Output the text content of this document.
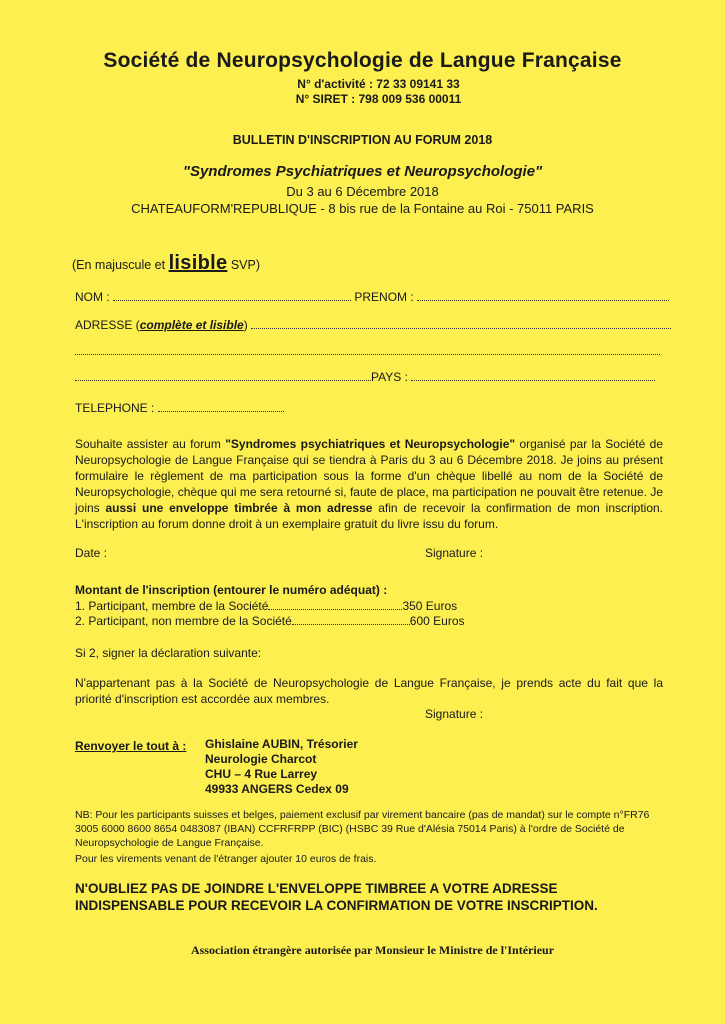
Société de Neuropsychologie de Langue Française
N° d'activité : 72 33 09141 33
N° SIRET : 798 009 536 00011
BULLETIN D'INSCRIPTION AU FORUM 2018
"Syndromes Psychiatriques et Neuropsychologie"
Du 3 au 6 Décembre 2018
CHATEAUFORM'REPUBLIQUE - 8 bis rue de la Fontaine au Roi - 75011 PARIS
(En majuscule et lisible SVP)
NOM :	PRENOM :
ADRESSE (complète et lisible)
PAYS :
TELEPHONE :
Souhaite assister au forum "Syndromes psychiatriques et Neuropsychologie" organisé par la Société de Neuropsychologie de Langue Française qui se tiendra à Paris du 3 au 6 Décembre 2018. Je joins au présent formulaire le règlement de ma participation sous la forme d'un chèque libellé au nom de la Société de Neuropsychologie, chèque qui me sera retourné si, faute de place, ma participation ne pouvait être retenue. Je joins aussi une enveloppe timbrée à mon adresse afin de recevoir la confirmation de mon inscription. L'inscription au forum donne droit à un exemplaire gratuit du livre issu du forum.
Date :	Signature :
Montant de l'inscription (entourer le numéro adéquat) :
1. Participant, membre de la Société	350 Euros
2. Participant, non membre de la Société	600 Euros
Si 2, signer la déclaration suivante:
N'appartenant pas à la Société de Neuropsychologie de Langue Française, je prends acte du fait que la priorité d'inscription est accordée aux membres.
Signature :
Renvoyer le tout à : Ghislaine AUBIN, Trésorier
Neurologie Charcot
CHU – 4 Rue Larrey
49933 ANGERS Cedex 09
NB: Pour les participants suisses et belges, paiement exclusif par virement bancaire (pas de mandat) sur le compte n°FR76 3005 6000 8600 8654 0483087 (IBAN) CCFRFRPP (BIC) (HSBC 39 Rue d'Alésia 75014 Paris) à l'ordre de Société de Neuropsychologie de Langue Française.
Pour les virements venant de l'étranger ajouter 10 euros de frais.
N'OUBLIEZ PAS DE JOINDRE L'ENVELOPPE TIMBREE A VOTRE ADRESSE INDISPENSABLE POUR RECEVOIR LA CONFIRMATION DE VOTRE INSCRIPTION.
Association étrangère autorisée par Monsieur le Ministre de l'Intérieur
